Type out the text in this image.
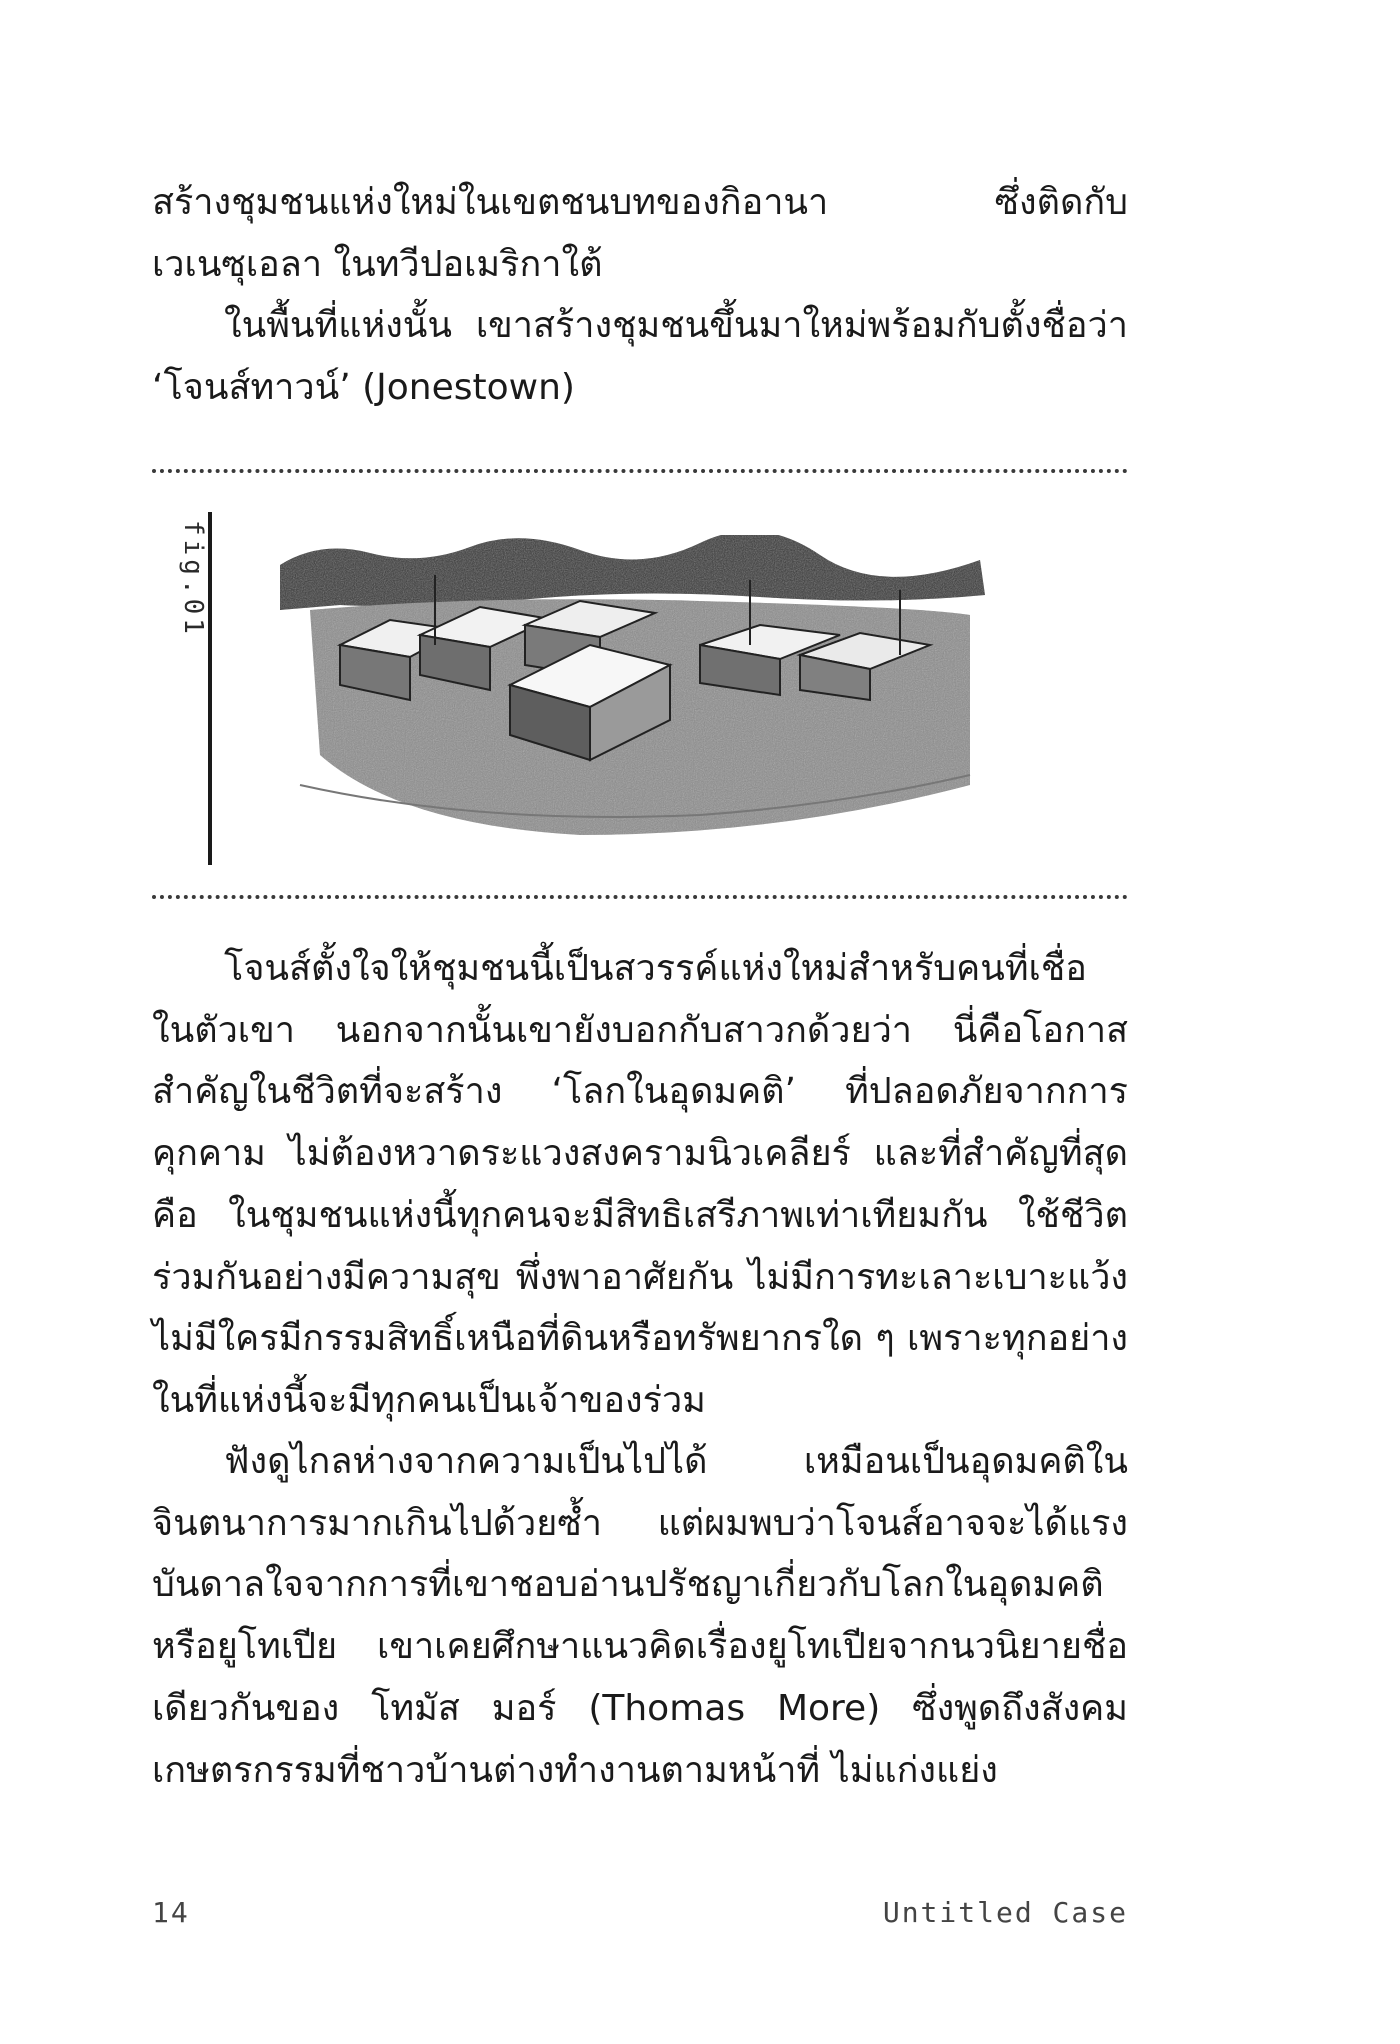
สร้างชุมชนแห่งใหม่ในเขตชนบทของกิอานา ซึ่งติดกับเวเนซุเอลา ในทวีปอเมริกาใต้

ในพื้นที่แห่งนั้น เขาสร้างชุมชนขึ้นมาใหม่พร้อมกับตั้งชื่อว่า ‘โจนส์ทาวน์’ (Jonestown)

fig.01

โจนส์ตั้งใจให้ชุมชนนี้เป็นสวรรค์แห่งใหม่สำหรับคนที่เชื่อในตัวเขา นอกจากนั้นเขายังบอกกับสาวกด้วยว่า นี่คือโอกาสสำคัญในชีวิตที่จะสร้าง ‘โลกในอุดมคติ’ ที่ปลอดภัยจากการคุกคาม ไม่ต้องหวาดระแวงสงครามนิวเคลียร์ และที่สำคัญที่สุดคือ ในชุมชนแห่งนี้ทุกคนจะมีสิทธิเสรีภาพเท่าเทียมกัน ใช้ชีวิตร่วมกันอย่างมีความสุข พึ่งพาอาศัยกัน ไม่มีการทะเลาะเบาะแว้ง ไม่มีใครมีกรรมสิทธิ์เหนือที่ดินหรือทรัพยากรใด ๆ เพราะทุกอย่างในที่แห่งนี้จะมีทุกคนเป็นเจ้าของร่วม

ฟังดูไกลห่างจากความเป็นไปได้ เหมือนเป็นอุดมคติในจินตนาการมากเกินไปด้วยซ้ำ แต่ผมพบว่าโจนส์อาจจะได้แรงบันดาลใจจากการที่เขาชอบอ่านปรัชญาเกี่ยวกับโลกในอุดมคติหรือยูโทเปีย เขาเคยศึกษาแนวคิดเรื่องยูโทเปียจากนวนิยายชื่อเดียวกันของ โทมัส มอร์ (Thomas More) ซึ่งพูดถึงสังคมเกษตรกรรมที่ชาวบ้านต่างทำงานตามหน้าที่ ไม่แก่งแย่ง

14	Untitled Case
